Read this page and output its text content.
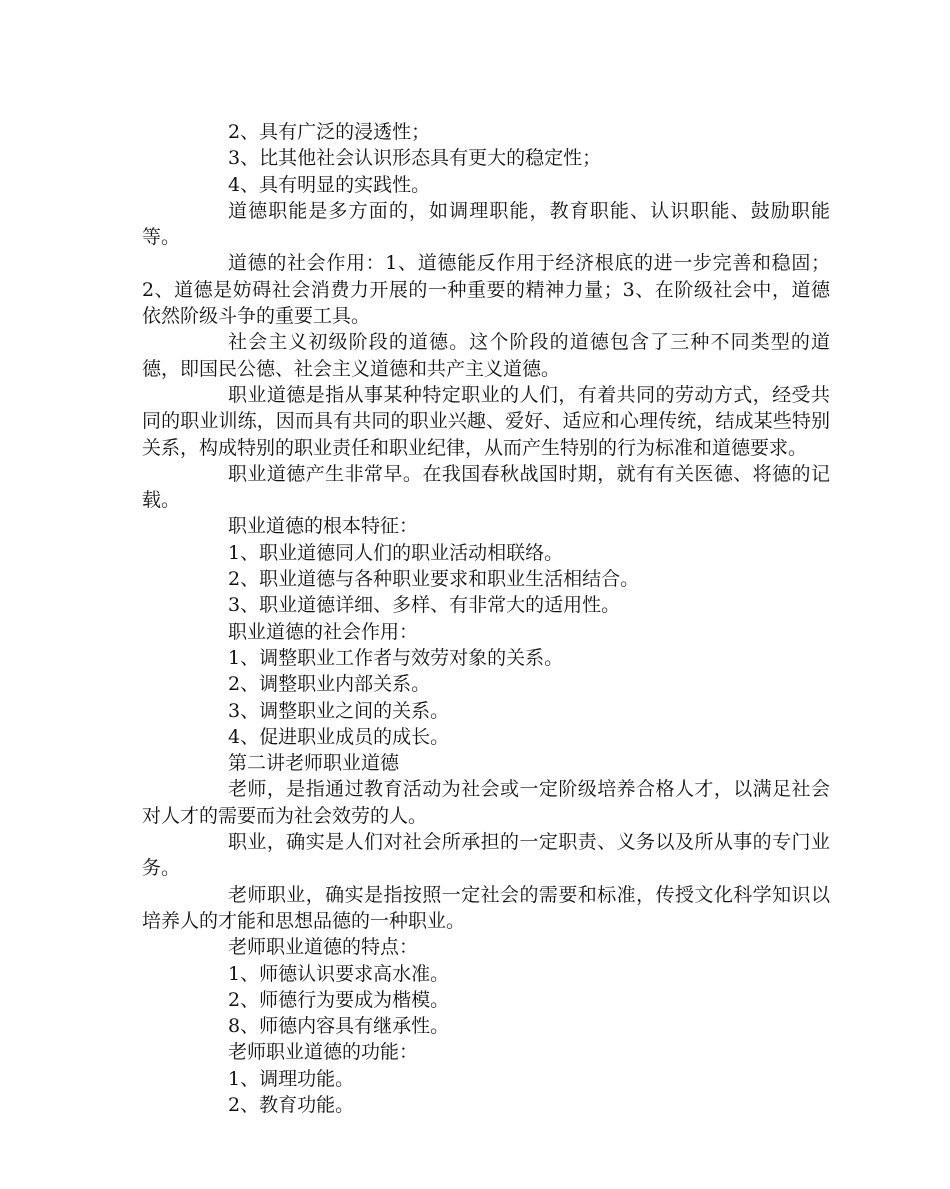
2、具有广泛的浸透性；

3、比其他社会认识形态具有更大的稳定性；

4、具有明显的实践性。

道德职能是多方面的，如调理职能，教育职能、认识职能、鼓励职能等。

道德的社会作用：1、道德能反作用于经济根底的进一步完善和稳固；2、道德是妨碍社会消费力开展的一种重要的精神力量；3、在阶级社会中，道德依然阶级斗争的重要工具。

社会主义初级阶段的道德。这个阶段的道德包含了三种不同类型的道德，即国民公德、社会主义道德和共产主义道德。

职业道德是指从事某种特定职业的人们，有着共同的劳动方式，经受共同的职业训练，因而具有共同的职业兴趣、爱好、适应和心理传统，结成某些特别关系，构成特别的职业责任和职业纪律，从而产生特别的行为标准和道德要求。

职业道德产生非常早。在我国春秋战国时期，就有有关医德、将德的记载。

职业道德的根本特征：

1、职业道德同人们的职业活动相联络。

2、职业道德与各种职业要求和职业生活相结合。

3、职业道德详细、多样、有非常大的适用性。

职业道德的社会作用：

1、调整职业工作者与效劳对象的关系。

2、调整职业内部关系。

3、调整职业之间的关系。

4、促进职业成员的成长。

第二讲老师职业道德

老师，是指通过教育活动为社会或一定阶级培养合格人才，以满足社会对人才的需要而为社会效劳的人。

职业，确实是人们对社会所承担的一定职责、义务以及所从事的专门业务。

老师职业，确实是指按照一定社会的需要和标准，传授文化科学知识以培养人的才能和思想品德的一种职业。

老师职业道德的特点：

1、师德认识要求高水准。

2、师德行为要成为楷模。

8、师德内容具有继承性。

老师职业道德的功能：

1、调理功能。

2、教育功能。
